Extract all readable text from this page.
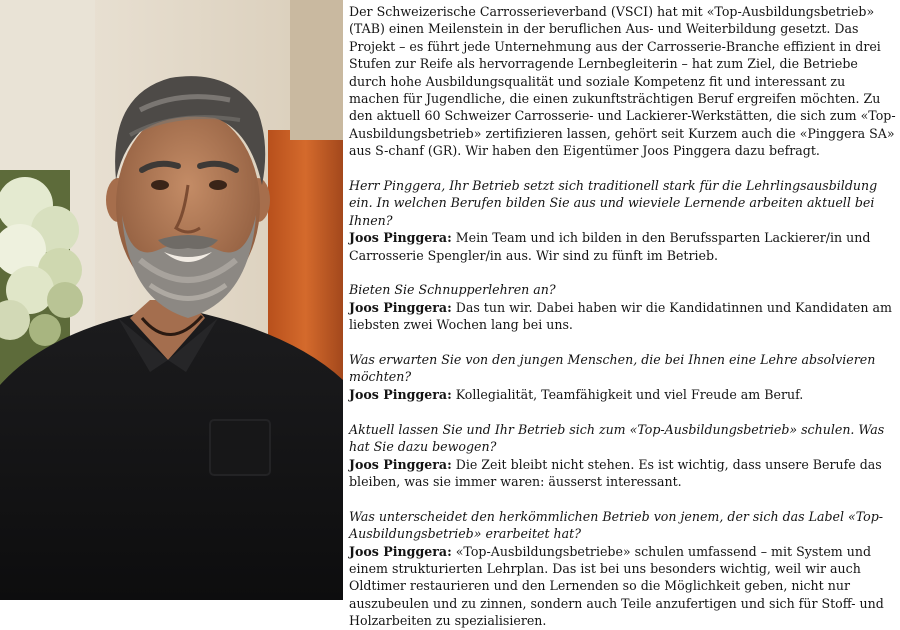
Der Schweizerische Carrosserieverband (VSCI) hat mit «Top-Ausbildungsbetrieb» (TAB) einen Meilenstein in der beruflichen Aus- und Weiterbildung gesetzt. Das Projekt – es führt jede Unternehmung aus der Carrosserie-Branche effizient in drei Stufen zur Reife als hervorragende Lernbegleiterin – hat zum Ziel, die Betriebe durch hohe Ausbildungsqualität und soziale Kompetenz fit und interessant zu machen für Jugendliche, die einen zukunftsträchtigen Beruf ergreifen möchten. Zu den aktuell 60 Schweizer Carrosserie- und Lackierer-Werkstätten, die sich zum «Top-Ausbildungsbetrieb» zertifizieren lassen, gehört seit Kurzem auch die «Pinggera SA» aus S-chanf (GR). Wir haben den Eigentümer Joos Pinggera dazu befragt.

Herr Pinggera, Ihr Betrieb setzt sich traditionell stark für die Lehrlingsausbildung ein. In welchen Berufen bilden Sie aus und wieviele Lernende arbeiten aktuell bei Ihnen?

Joos Pinggera: Mein Team und ich bilden in den Berufssparten Lackierer/in und Carrosserie Spengler/in aus. Wir sind zu fünft im Betrieb.

Bieten Sie Schnupperlehren an?

Joos Pinggera: Das tun wir. Dabei haben wir die Kandidatinnen und Kandidaten am liebsten zwei Wochen lang bei uns.

Was erwarten Sie von den jungen Menschen, die bei Ihnen eine Lehre absolvieren möchten?

Joos Pinggera: Kollegialität, Teamfähigkeit und viel Freude am Beruf.

Aktuell lassen Sie und Ihr Betrieb sich zum «Top-Ausbildungsbetrieb» schulen. Was hat Sie dazu bewogen?

Joos Pinggera: Die Zeit bleibt nicht stehen. Es ist wichtig, dass unsere Berufe das bleiben, was sie immer waren: äusserst interessant.

Was unterscheidet den herkömmlichen Betrieb von jenem, der sich das Label «Top-Ausbildungsbetrieb» erarbeitet hat?

Joos Pinggera: «Top-Ausbildungsbetriebe» schulen umfassend – mit System und einem strukturierten Lehrplan. Das ist bei uns besonders wichtig, weil wir auch Oldtimer restaurieren und den Lernenden so die Möglichkeit geben, nicht nur auszubeulen und zu zinnen, sondern auch Teile anzufertigen und sich für Stoff- und Holzarbeiten zu spezialisieren.
